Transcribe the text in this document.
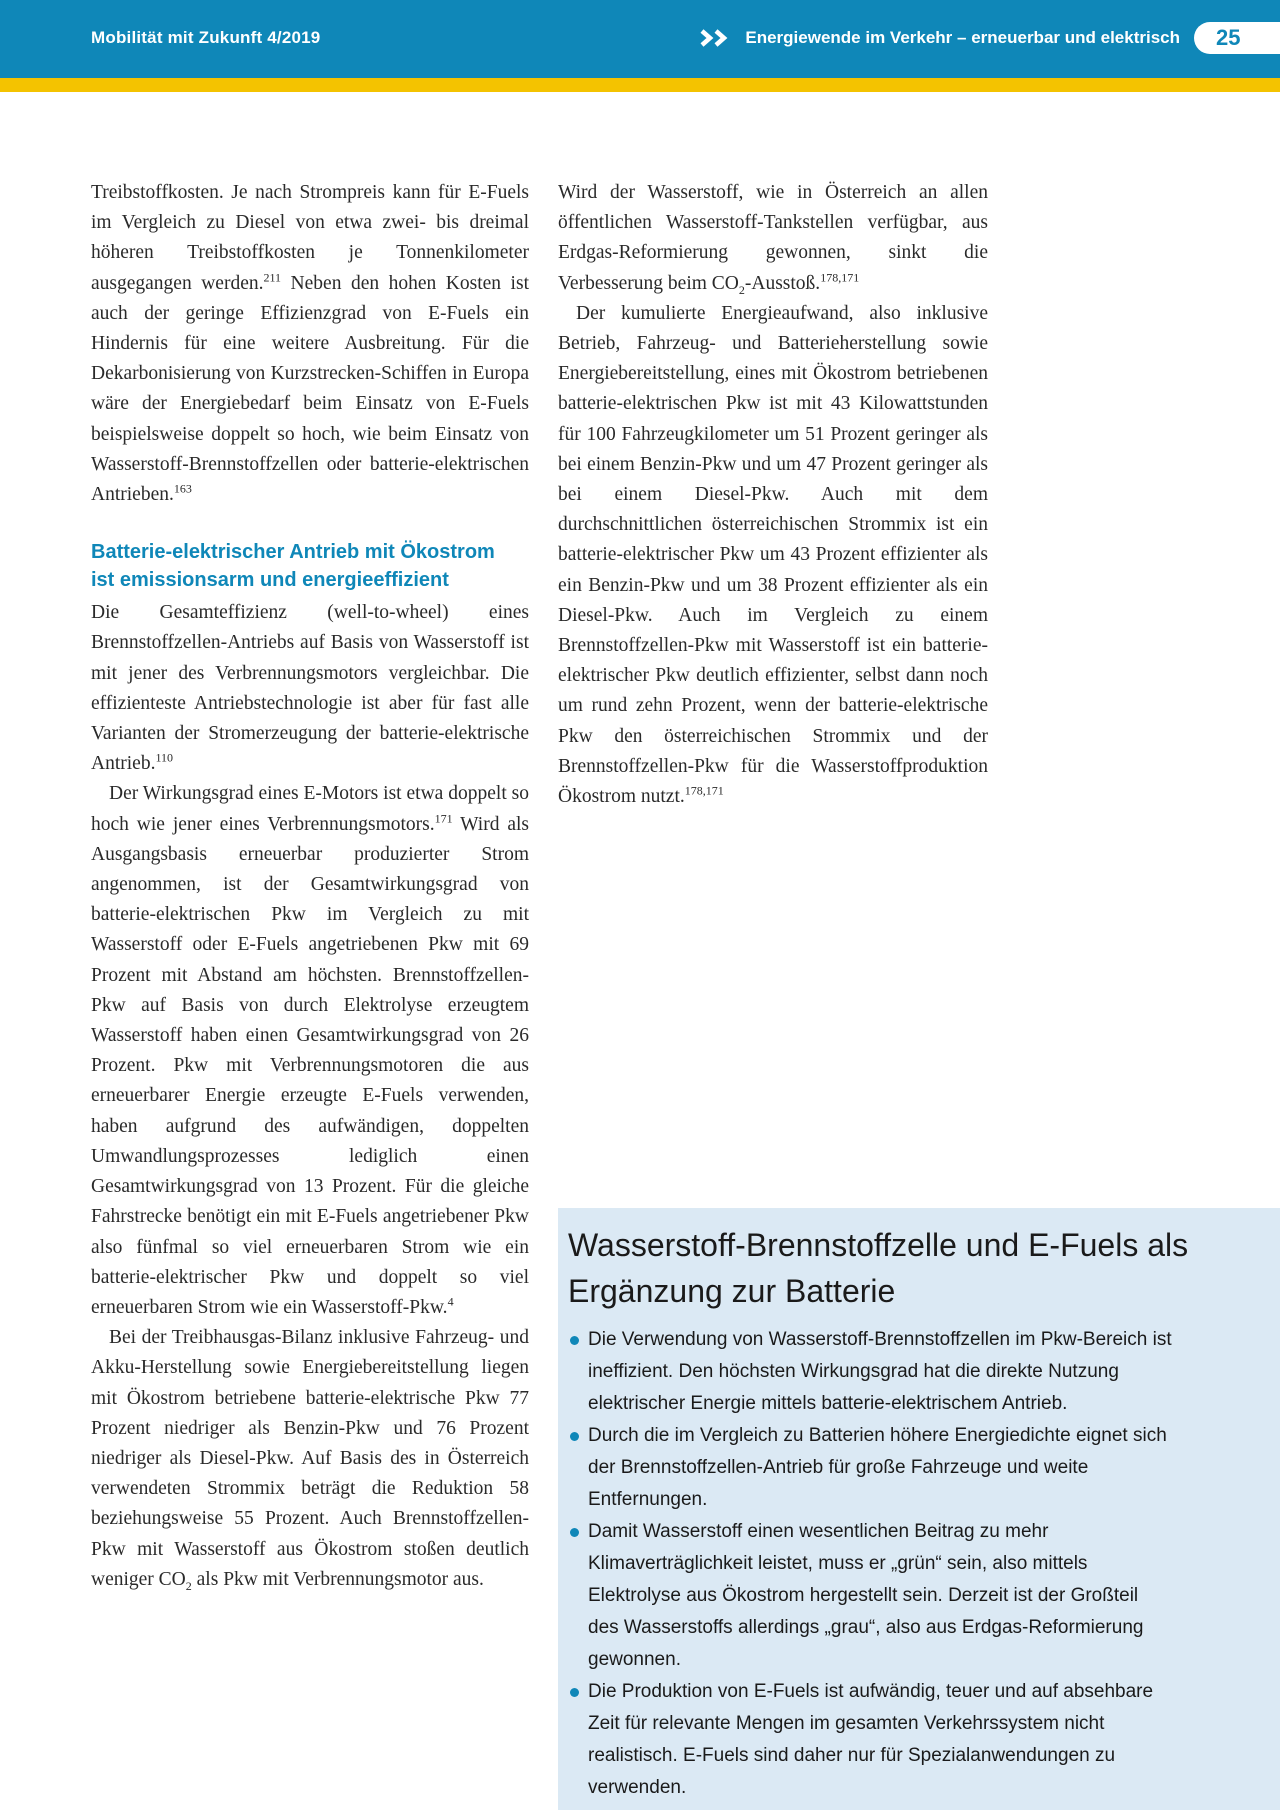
Mobilität mit Zukunft 4/2019	Energiewende im Verkehr – erneuerbar und elektrisch	25

Treibstoffkosten. Je nach Strompreis kann für E-Fuels im Vergleich zu Diesel von etwa zwei- bis dreimal höheren Treibstoffkosten je Tonnenkilometer ausgegangen werden.$^{211}$ Neben den hohen Kosten ist auch der geringe Effizienzgrad von E-Fuels ein Hindernis für eine weitere Ausbreitung. Für die Dekarbonisierung von Kurzstrecken-Schiffen in Europa wäre der Energiebedarf beim Einsatz von E-Fuels beispielsweise doppelt so hoch, wie beim Einsatz von Wasserstoff-Brennstoffzellen oder batterie-elektrischen Antrieben.$^{163}$

Batterie-elektrischer Antrieb mit Ökostrom
ist emissionsarm und energieeffizient

Die Gesamteffizienz (well-to-wheel) eines Brennstoffzellen-Antriebs auf Basis von Wasserstoff ist mit jener des Verbrennungsmotors vergleichbar. Die effizienteste Antriebstechnologie ist aber für fast alle Varianten der Stromerzeugung der batterie-elektrische Antrieb.$^{110}$

Der Wirkungsgrad eines E-Motors ist etwa doppelt so hoch wie jener eines Verbrennungsmotors.$^{171}$ Wird als Ausgangsbasis erneuerbar produzierter Strom angenommen, ist der Gesamtwirkungsgrad von batterie-elektrischen Pkw im Vergleich zu mit Wasserstoff oder E-Fuels angetriebenen Pkw mit 69 Prozent mit Abstand am höchsten. Brennstoffzellen-Pkw auf Basis von durch Elektrolyse erzeugtem Wasserstoff haben einen Gesamtwirkungsgrad von 26 Prozent. Pkw mit Verbrennungsmotoren die aus erneuerbarer Energie erzeugte E-Fuels verwenden, haben aufgrund des aufwändigen, doppelten Umwandlungsprozesses lediglich einen Gesamtwirkungsgrad von 13 Prozent. Für die gleiche Fahrstrecke benötigt ein mit E-Fuels angetriebener Pkw also fünfmal so viel erneuerbaren Strom wie ein batterie-elektrischer Pkw und doppelt so viel erneuerbaren Strom wie ein Wasserstoff-Pkw.$^4$

Bei der Treibhausgas-Bilanz inklusive Fahrzeug- und Akku-Herstellung sowie Energiebereitstellung liegen mit Ökostrom betriebene batterie-elektrische Pkw 77 Prozent niedriger als Benzin-Pkw und 76 Prozent niedriger als Diesel-Pkw. Auf Basis des in Österreich verwendeten Strommix beträgt die Reduktion 58 beziehungsweise 55 Prozent. Auch Brennstoffzellen-Pkw mit Wasserstoff aus Ökostrom stoßen deutlich weniger $CO_2$ als Pkw mit Verbrennungsmotor aus.

Wird der Wasserstoff, wie in Österreich an allen öffentlichen Wasserstoff-Tankstellen verfügbar, aus Erdgas-Reformierung gewonnen, sinkt die Verbesserung beim $CO_2-Ausstoß.^{178,171}$

Der kumulierte Energieaufwand, also inklusive Betrieb, Fahrzeug- und Batterieherstellung sowie Energiebereitstellung, eines mit Ökostrom betriebenen batterie-elektrischen Pkw ist mit 43 Kilowattstunden für 100 Fahrzeugkilometer um 51 Prozent geringer als bei einem Benzin-Pkw und um 47 Prozent geringer als bei einem Diesel-Pkw. Auch mit dem durchschnittlichen österreichischen Strommix ist ein batterie-elektrischer Pkw um 43 Prozent effizienter als ein Benzin-Pkw und um 38 Prozent effizienter als ein Diesel-Pkw. Auch im Vergleich zu einem Brennstoffzellen-Pkw mit Wasserstoff ist ein batterie-elektrischer Pkw deutlich effizienter, selbst dann noch um rund zehn Prozent, wenn der batterie-elektrische Pkw den österreichischen Strommix und der Brennstoffzellen-Pkw für die Wasserstoffproduktion Ökostrom nutzt.$^{178,171}$

Wasserstoff-Brennstoffzelle und E-Fuels als
Ergänzung zur Batterie
Die Verwendung von Wasserstoff-Brennstoffzellen im Pkw-Bereich ist ineffizient. Den höchsten Wirkungsgrad hat die direkte Nutzung elektrischer Energie mittels batterie-elektrischem Antrieb.
Durch die im Vergleich zu Batterien höhere Energiedichte eignet sich der Brennstoffzellen-Antrieb für große Fahrzeuge und weite Entfernungen.
Damit Wasserstoff einen wesentlichen Beitrag zu mehr Klimaverträglichkeit leistet, muss er „grün“ sein, also mittels Elektrolyse aus Ökostrom hergestellt sein. Derzeit ist der Großteil des Wasserstoffs allerdings „grau“, also aus Erdgas-Reformierung gewonnen.
Die Produktion von E-Fuels ist aufwändig, teuer und auf absehbare Zeit für relevante Mengen im gesamten Verkehrssystem nicht realistisch. E-Fuels sind daher nur für Spezialanwendungen zu verwenden.
